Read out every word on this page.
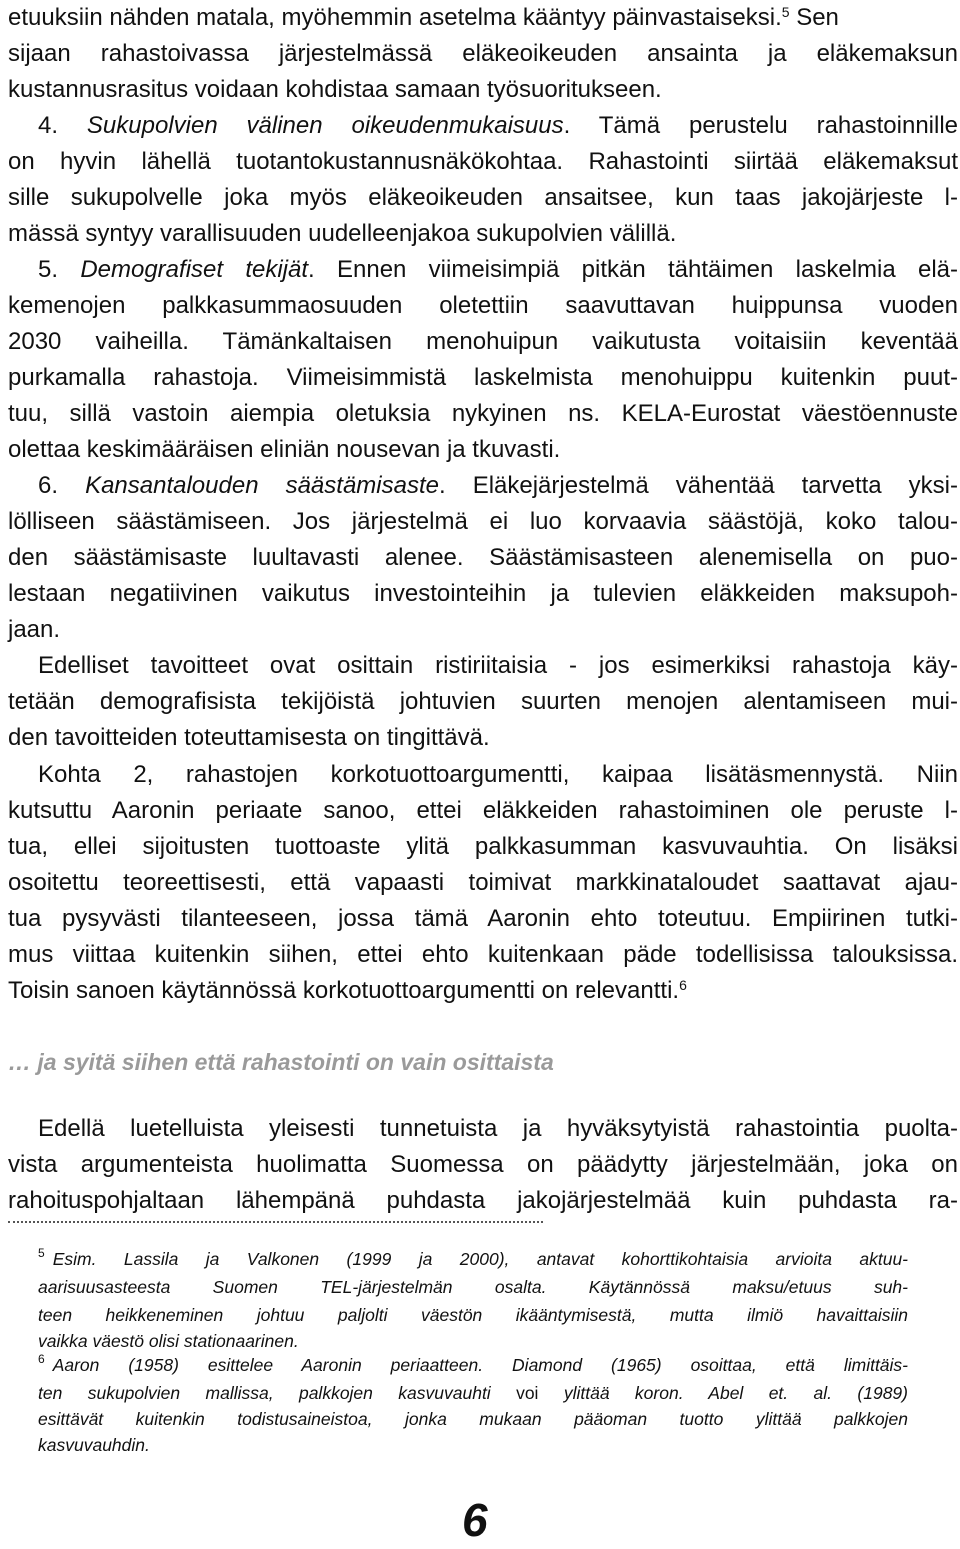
etuuksiin nähden matala, myöhemmin asetelma kääntyy päinvastaiseksi.$^5$ Sen

sijaan rahastoivassa järjestelmässä eläkeoikeuden ansainta ja eläkemaksun

kustannusrasitus voidaan kohdistaa samaan työsuoritukseen.

4. Sukupolvien välinen oikeudenmukaisuus. Tämä perustelu rahastoinnille

on hyvin lähellä tuotantokustannusnäkökohtaa. Rahastointi siirtää eläkemaksut

sille sukupolvelle joka myös eläkeoikeuden ansaitsee, kun taas jakojärjeste l-

mässä syntyy varallisuuden uudelleenjakoa sukupolvien välillä.

5. Demografiset tekijät. Ennen viimeisimpiä pitkän tähtäimen laskelmia elä-

kemenojen palkkasummaosuuden oletettiin saavuttavan huippunsa vuoden

2030 vaiheilla. Tämänkaltaisen menohuipun vaikutusta voitaisiin keventää

purkamalla rahastoja. Viimeisimmistä laskelmista menohuippu kuitenkin puut-

tuu, sillä vastoin aiempia oletuksia nykyinen ns. KELA-Eurostat väestöennuste

olettaa keskimääräisen eliniän nousevan ja tkuvasti.

6. Kansantalouden säästämisaste. Eläkejärjestelmä vähentää tarvetta yksi-

lölliseen säästämiseen. Jos järjestelmä ei luo korvaavia säästöjä, koko talou-

den säästämisaste luultavasti alenee. Säästämisasteen alenemisella on puo-

lestaan negatiivinen vaikutus investointeihin ja tulevien eläkkeiden maksupoh-

jaan.

Edelliset tavoitteet ovat osittain ristiriitaisia - jos esimerkiksi rahastoja käy-

tetään demografisista tekijöistä johtuvien suurten menojen alentamiseen mui-

den tavoitteiden toteuttamisesta on tingittävä.

Kohta 2, rahastojen korkotuottoargumentti, kaipaa lisätäsmennystä. Niin

kutsuttu Aaronin periaate sanoo, ettei eläkkeiden rahastoiminen ole peruste l-

tua, ellei sijoitusten tuottoaste ylitä palkkasumman kasvuvauhtia. On lisäksi

osoitettu teoreettisesti, että vapaasti toimivat markkinataloudet saattavat ajau-

tua pysyvästi tilanteeseen, jossa tämä Aaronin ehto toteutuu. Empiirinen tutki-

mus viittaa kuitenkin siihen, ettei ehto kuitenkaan päde todellisissa talouksissa.

Toisin sanoen käytännössä korkotuottoargumentti on relevantti.$^6$

… ja syitä siihen että rahastointi on vain osittaista

Edellä luetelluista yleisesti tunnetuista ja hyväksytyistä rahastointia puolta-

vista argumenteista huolimatta Suomessa on päädytty järjestelmään, joka on

rahoituspohjaltaan lähempänä puhdasta jakojärjestelmää kuin puhdasta ra-

$^5$ Esim. Lassila ja Valkonen (1999 ja 2000), antavat kohorttikohtaisia arvioita aktuu-

aarisuusasteesta Suomen TEL-järjestelmän osalta. Käytännössä maksu/etuus suh-

teen heikkeneminen johtuu paljolti väestön ikääntymisestä, mutta ilmiö havaittaisiin

vaikka väestö olisi stationaarinen.

$^6$ Aaron (1958) esittelee Aaronin periaatteen. Diamond (1965) osoittaa, että limittäis-

ten sukupolvien mallissa, palkkojen kasvuvauhti voi ylittää koron. Abel et. al. (1989)

esittävät kuitenkin todistusaineistoa, jonka mukaan pääoman tuotto ylittää palkkojen

kasvuvauhdin.

6
